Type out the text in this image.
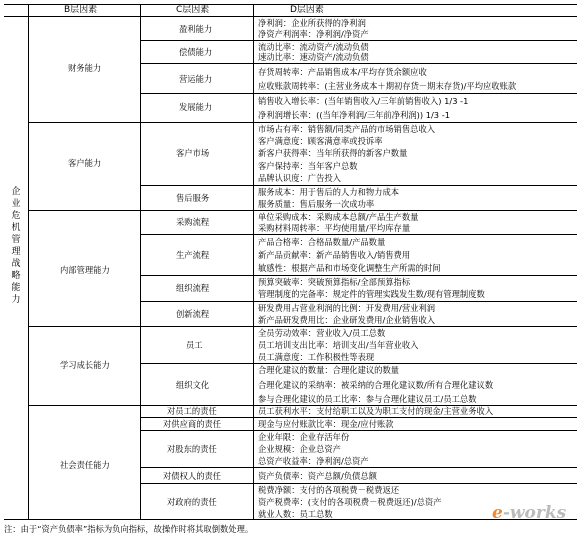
B层因素	C层因素	D层因素
企业危机管理战略能力
财务能力
客户能力
内部管理能力
学习成长能力
社会责任能力
盈利能力
偿债能力
营运能力
发展能力
客户市场
售后服务
采购流程
生产流程
组织流程
创新流程
员工
组织文化
对员工的责任
对供应商的责任
对股东的责任
对债权人的责任
对政府的责任
净利润：企业所获得的净利润
净资产利润率：净利润/净资产
流动比率：流动资产/流动负债
速动比率：速动资产/流动负债
存货周转率：产品销售成本/平均存货余额应收
应收账款周转率：(主营业务成本＋期初存货－期末存货)/平均应收账款
销售收入增长率：(当年销售收入/三年前销售收入) 1/3 -1
净利润增长率：((当年净利润/三年前净利润)) 1/3 -1
市场占有率：销售额/同类产品的市场销售总收入
客户满意度：顾客满意率或投诉率
新客户获得率：当年所获得的新客户数量
客户保持率：当年客户总数
品牌认识度：广告投入
服务成本：用于售后的人力和物力成本
服务质量：售后服务一次成功率
单位采购成本：采购成本总额/产品生产数量
采购材料周转率：平均使用量/平均库存量
产品合格率：合格品数量/产品数量
新产品贡献率：新产品销售收入/销售费用
敏感性：根据产品和市场变化调整生产所需的时间
预算突破率：突破预算指标/全部预算指标
管理制度的完备率：规定件的管理实践发生数/现有管理制度数
研发费用占营业利润的比例：开发费用/营业利润
新产品研发费用比：企业研发费用/企业销售收入
全员劳动效率：营业收入/员工总数
员工培训支出比率：培训支出/当年营业收入
员工满意度：工作积极性等表现
合理化建议的数量：合理化建议的数量
合理化建议的采纳率：被采纳的合理化建议数/所有合理化建议数
参与合理化建议的员工比率：参与合理化建议员工/员工总数
员工获利水平：支付给职工以及为职工支付的现金/主营业务收入
现金与应付账款比率：现金/应付账款
企业年限：企业存活年份
企业规模：企业总资产
总资产收益率：净利润/总资产
资产负债率：资产总额/负债总额
税费净额：支付的各项税费－税费返还
资产税费率：(支付的各项税费－税费返还)/总资产
就业人数：员工总数
注：由于“资产负债率”指标为负向指标，故操作时将其取倒数处理。
e-works
